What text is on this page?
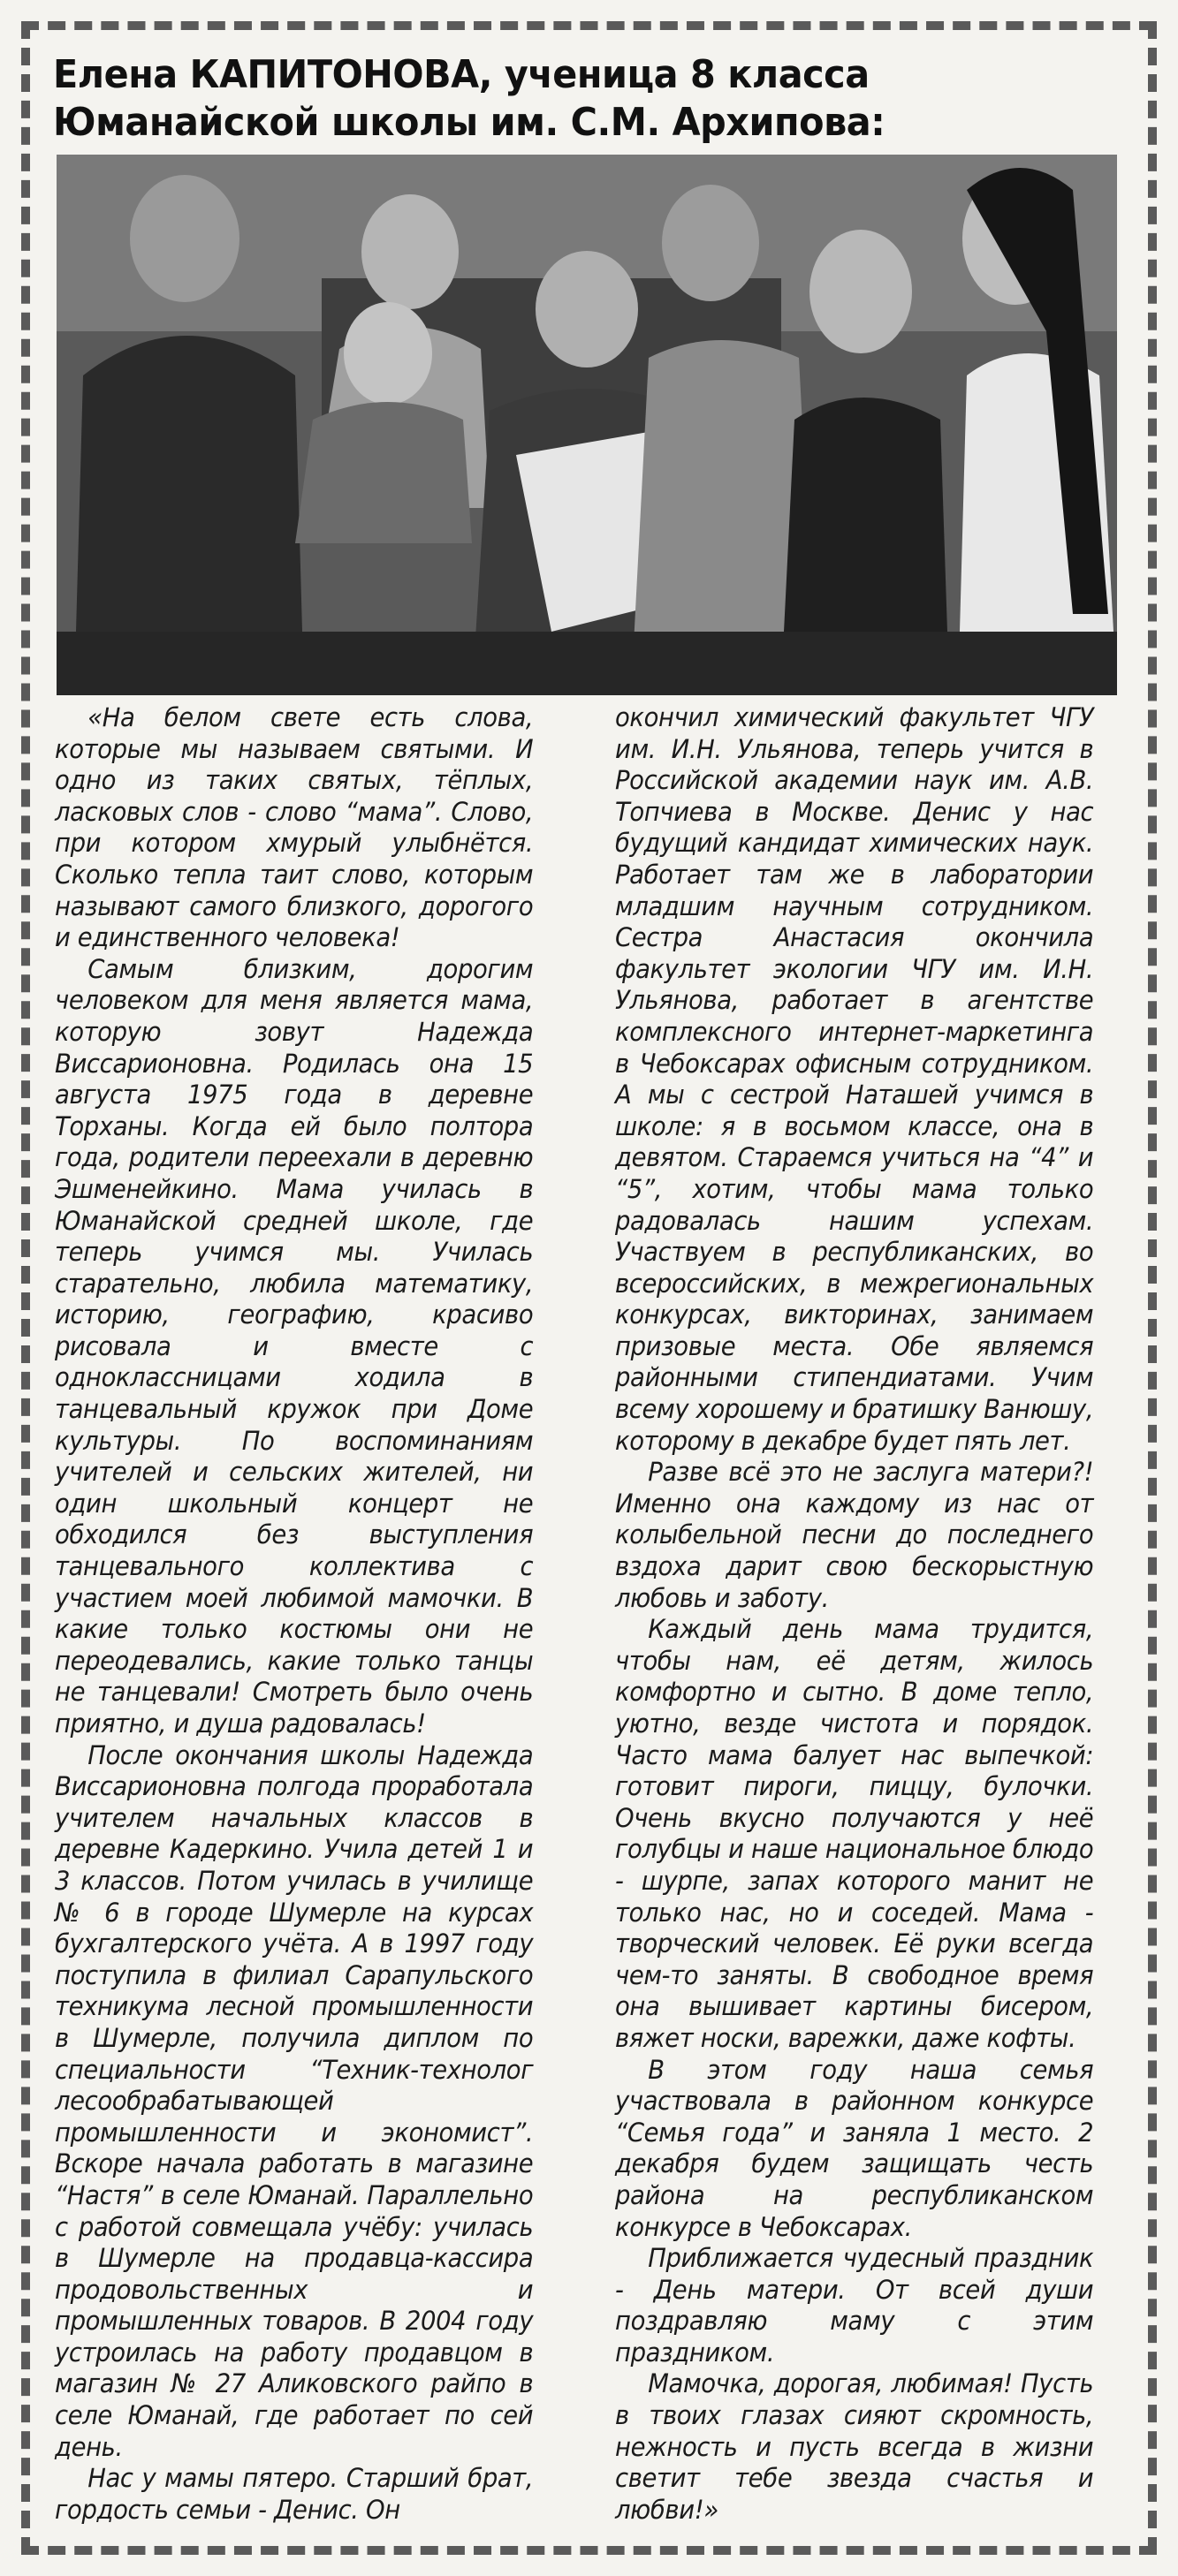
Елена КАПИТОНОВА, ученица 8 класса
Юманайской школы им. С.М. Архипова:

«На белом свете есть слова, которые мы называем святыми. И одно из таких святых, тёплых, ласковых слов - слово “мама”. Слово, при котором хмурый улыбнётся. Сколько тепла таит слово, которым называют самого близкого, дорогого и единственного человека!

Самым близким, дорогим человеком для меня является мама, которую зовут Надежда Виссарионовна. Родилась она 15 августа 1975 года в деревне Торханы. Когда ей было полтора года, родители переехали в деревню Эшменейкино. Мама училась в Юманайской средней школе, где теперь учимся мы. Училась старательно, любила математику, историю, географию, красиво рисовала и вместе с одноклассницами ходила в танцевальный кружок при Доме культуры. По воспоминаниям учителей и сельских жителей, ни один школьный концерт не обходился без выступления танцевального коллектива с участием моей любимой мамочки. В какие только костюмы они не переодевались, какие только танцы не танцевали! Смотреть было очень приятно, и душа радовалась!

После окончания школы Надежда Виссарионовна полгода проработала учителем начальных классов в деревне Кадеркино. Учила детей 1 и 3 классов. Потом училась в училище № 6 в городе Шумерле на курсах бухгалтерского учёта. А в 1997 году поступила в филиал Сарапульского техникума лесной промышленности в Шумерле, получила диплом по специальности “Техник-технолог лесообрабатывающей промышленности и экономист”. Вскоре начала работать в магазине “Настя” в селе Юманай. Параллельно с работой совмещала учёбу: училась в Шумерле на продавца-кассира продовольственных и промышленных товаров. В 2004 году устроилась на работу продавцом в магазин № 27 Аликовского райпо в селе Юманай, где работает по сей день.

Нас у мамы пятеро. Старший брат, гордость семьи - Денис. Он

окончил химический факультет ЧГУ им. И.Н. Ульянова, теперь учится в Российской академии наук им. А.В. Топчиева в Москве. Денис у нас будущий кандидат химических наук. Работает там же в лаборатории младшим научным сотрудником. Сестра Анастасия окончила факультет экологии ЧГУ им. И.Н. Ульянова, работает в агентстве комплексного интернет-маркетинга в Чебоксарах офисным сотрудником. А мы с сестрой Наташей учимся в школе: я в восьмом классе, она в девятом. Стараемся учиться на “4” и “5”, хотим, чтобы мама только радовалась нашим успехам. Участвуем в республиканских, во всероссийских, в межрегиональных конкурсах, викторинах, занимаем призовые места. Обе являемся районными стипендиатами. Учим всему хорошему и братишку Ванюшу, которому в декабре будет пять лет.

Разве всё это не заслуга матери?! Именно она каждому из нас от колыбельной песни до последнего вздоха дарит свою бескорыстную любовь и заботу.

Каждый день мама трудится, чтобы нам, её детям, жилось комфортно и сытно. В доме тепло, уютно, везде чистота и порядок. Часто мама балует нас выпечкой: готовит пироги, пиццу, булочки. Очень вкусно получаются у неё голубцы и наше национальное блюдо - шурпе, запах которого манит не только нас, но и соседей. Мама - творческий человек. Её руки всегда чем-то заняты. В свободное время она вышивает картины бисером, вяжет носки, варежки, даже кофты.

В этом году наша семья участвовала в районном конкурсе “Семья года” и заняла 1 место. 2 декабря будем защищать честь района на республиканском конкурсе в Чебоксарах.

Приближается чудесный праздник - День матери. От всей души поздравляю маму с этим праздником.

Мамочка, дорогая, любимая! Пусть в твоих глазах сияют скромность, нежность и пусть всегда в жизни светит тебе звезда счастья и любви!»
